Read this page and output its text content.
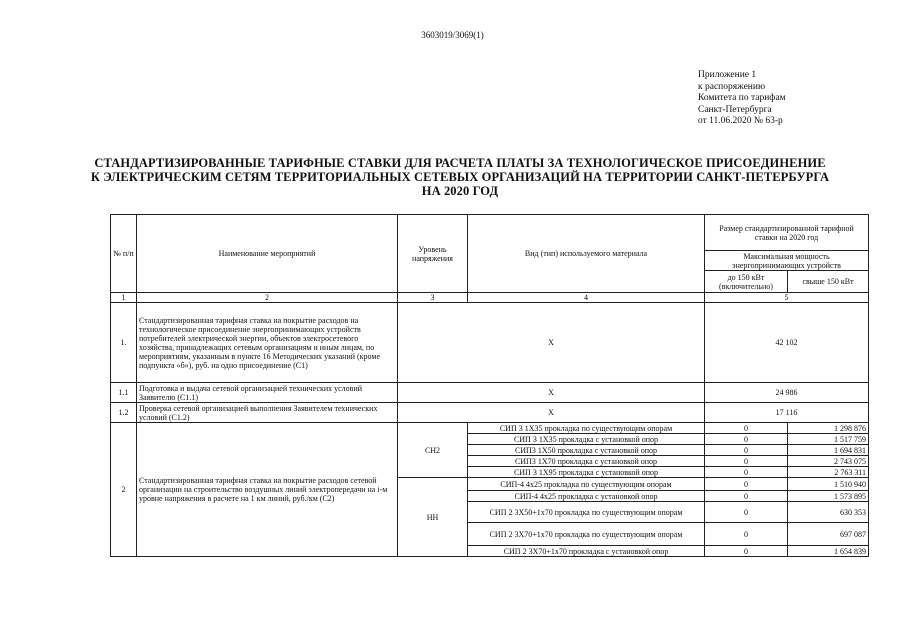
3603019/3069(1)
Приложение 1
к распоряжению
Комитета по тарифам
Санкт-Петербурга
от 11.06.2020 № 63-р
СТАНДАРТИЗИРОВАННЫЕ ТАРИФНЫЕ СТАВКИ ДЛЯ РАСЧЕТА ПЛАТЫ ЗА ТЕХНОЛОГИЧЕСКОЕ ПРИСОЕДИНЕНИЕ
К ЭЛЕКТРИЧЕСКИМ СЕТЯМ ТЕРРИТОРИАЛЬНЫХ СЕТЕВЫХ ОРГАНИЗАЦИЙ НА ТЕРРИТОРИИ САНКТ-ПЕТЕРБУРГА
НА 2020 ГОД
№ п/п	Наименование мероприятий	Уровень напряжения	Вид (тип) используемого материала	Размер стандартизированной тарифной ставки на 2020 год	
				Максимальная мощность энергопринимающих устройств	
				до 150 кВт (включительно)	свыше 150 кВт
1	2	3	4	5	
1.	Стандартизированная тарифная ставка на покрытие расходов на технологическое присоединение энергопринимающих устройств потребителей электрической энергии, объектов электросетевого хозяйства, принадлежащих сетевым организациям и иным лицам, по мероприятиям, указанным в пункте 16 Методических указаний (кроме подпункта «б»), руб. на одно присоединение (С1)	X		42 102	
1.1	Подготовка и выдача сетевой организацией технических условий Заявителю (С1.1)	X		24 986	
1.2	Проверка сетевой организацией выполнения Заявителем технических условий (С1.2)	X		17 116	
2	Стандартизированная тарифная ставка на покрытие расходов сетевой организации на строительство воздушных линий электропередачи на i-м уровне напряжения в расчете на 1 км линий, руб./км (С2)	СН2	СИП 3 1Х35 прокладка по существующим опорам	0	1 298 876
			СИП 3 1Х35 прокладка с установкой опор	0	1 517 759
			СИП3 1Х50 прокладка с установкой опор	0	1 694 831
			СИП3 1Х70 прокладка с установкой опор	0	2 743 075
			СИП 3 1Х95 прокладка с установкой опор	0	2 763 311
		НН	СИП-4 4х25 прокладка по существующим опорам	0	1 510 940
			СИП-4 4х25 прокладка с установкой опор	0	1 573 895
			СИП 2 3Х50+1х70 прокладка по существующим опорам	0	630 353
			СИП 2 3Х70+1х70 прокладка по существующим опорам	0	697 087
			СИП 2 3Х70+1х70 прокладка с установкой опор	0	1 654 839
